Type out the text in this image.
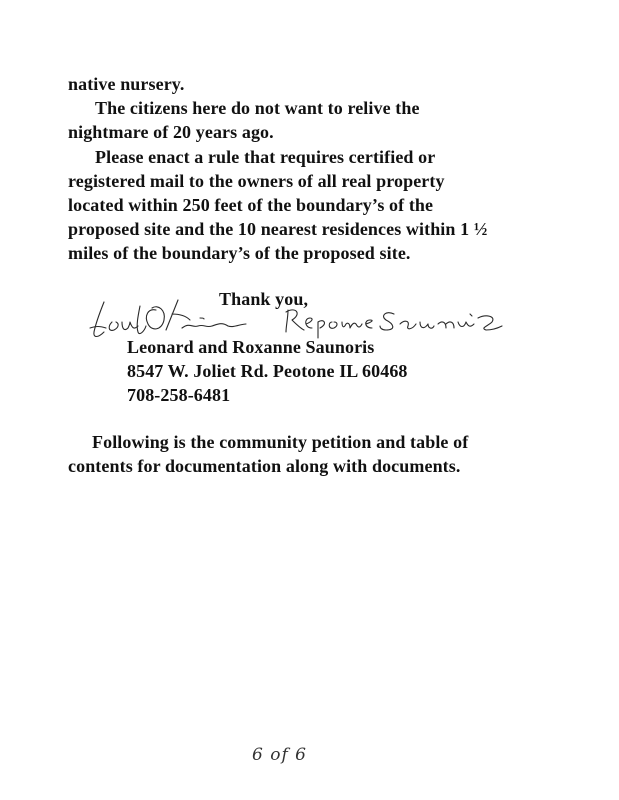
native nursery.
The citizens here do not want to relive the
nightmare of 20 years ago.
Please enact a rule that requires certified or
registered mail to the owners of all real property
located within 250 feet of the boundary’s of the
proposed site and the 10 nearest residences within 1 ½
miles of the boundary’s of the proposed site.
Thank you,
Leonard and Roxanne Saunoris
8547 W. Joliet Rd. Peotone IL 60468
708-258-6481
Following is the community petition and table of
contents for documentation along with documents.
6 of 6
